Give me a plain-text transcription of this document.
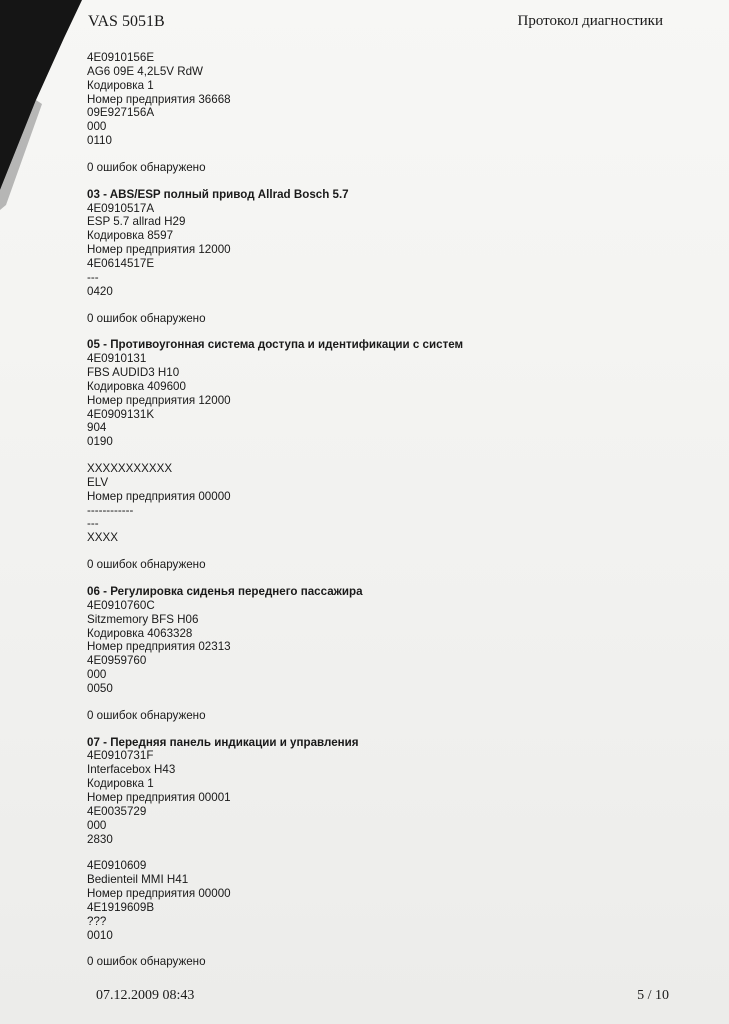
VAS 5051B	Протокол диагностики
4E0910156E
AG6 09E 4,2L5V RdW
Кодировка 1
Номер предприятия 36668
09E927156A
000
0110
0 ошибок обнаружено
03 - ABS/ESP полный привод Allrad Bosch 5.7
4E0910517A
ESP 5.7 allrad H29
Кодировка 8597
Номер предприятия 12000
4E0614517E
---
0420
0 ошибок обнаружено
05 - Противоугонная система доступа и идентификации с систем
4E0910131
FBS AUDID3 H10
Кодировка 409600
Номер предприятия 12000
4E0909131K
904
0190
XXXXXXXXXXX
ELV
Номер предприятия 00000
------------
---
XXXX
0 ошибок обнаружено
06 - Регулировка сиденья переднего пассажира
4E0910760C
Sitzmemory BFS H06
Кодировка 4063328
Номер предприятия 02313
4E0959760
000
0050
0 ошибок обнаружено
07 - Передняя панель индикации и управления
4E0910731F
Interfacebox H43
Кодировка 1
Номер предприятия 00001
4E0035729
000
2830
4E0910609
Bedienteil MMI H41
Номер предприятия 00000
4E1919609B
???
0010
0 ошибок обнаружено
07.12.2009 08:43	5 / 10
